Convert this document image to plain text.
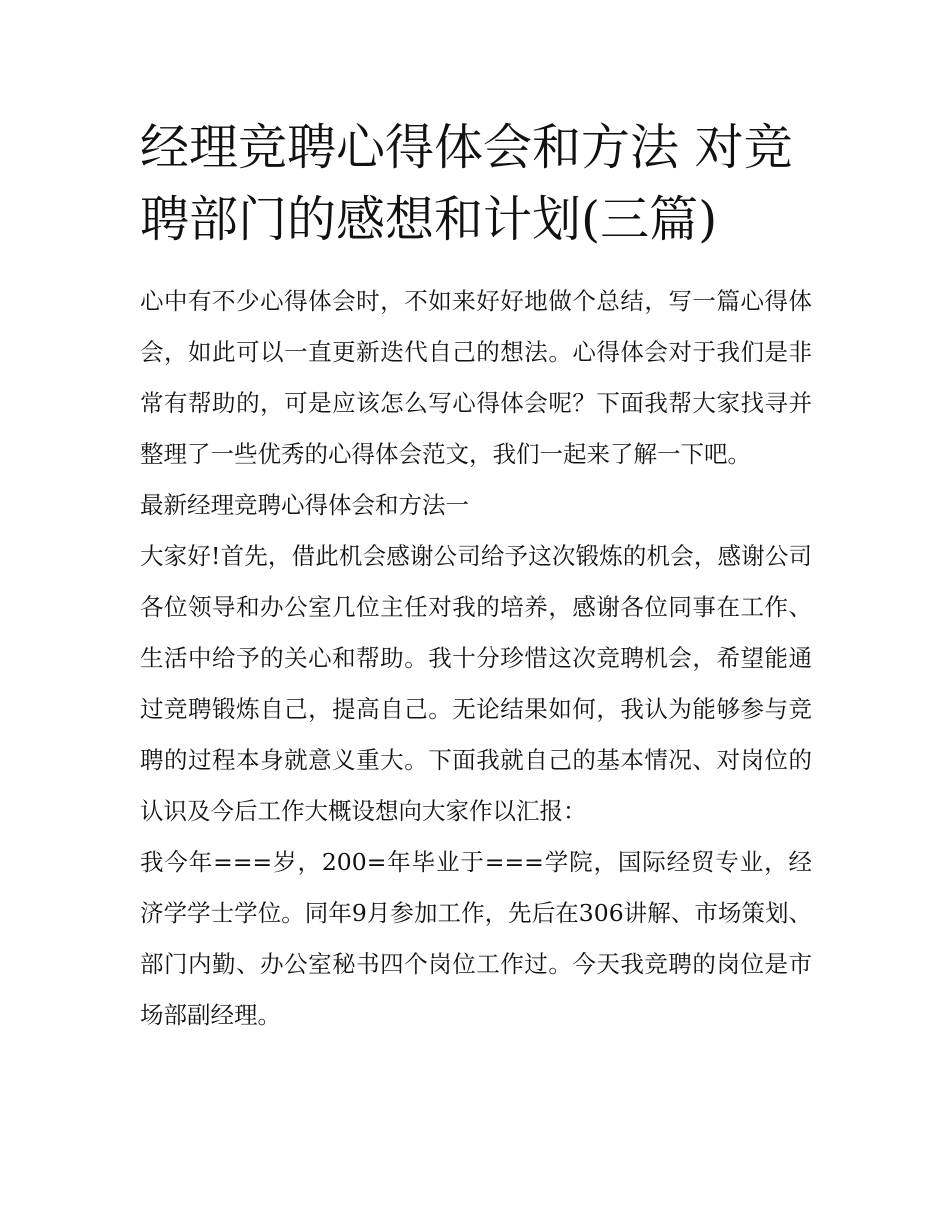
经理竞聘心得体会和方法 对竞聘部门的感想和计划(三篇)

心中有不少心得体会时，不如来好好地做个总结，写一篇心得体会，如此可以一直更新迭代自己的想法。心得体会对于我们是非常有帮助的，可是应该怎么写心得体会呢？下面我帮大家找寻并整理了一些优秀的心得体会范文，我们一起来了解一下吧。

最新经理竞聘心得体会和方法一

大家好!首先，借此机会感谢公司给予这次锻炼的机会，感谢公司各位领导和办公室几位主任对我的培养，感谢各位同事在工作、生活中给予的关心和帮助。我十分珍惜这次竞聘机会，希望能通过竞聘锻炼自己，提高自己。无论结果如何，我认为能够参与竞聘的过程本身就意义重大。下面我就自己的基本情况、对岗位的认识及今后工作大概设想向大家作以汇报：

我今年===岁，200=年毕业于===学院，国际经贸专业，经济学学士学位。同年9月参加工作，先后在306讲解、市场策划、部门内勤、办公室秘书四个岗位工作过。今天我竞聘的岗位是市场部副经理。
